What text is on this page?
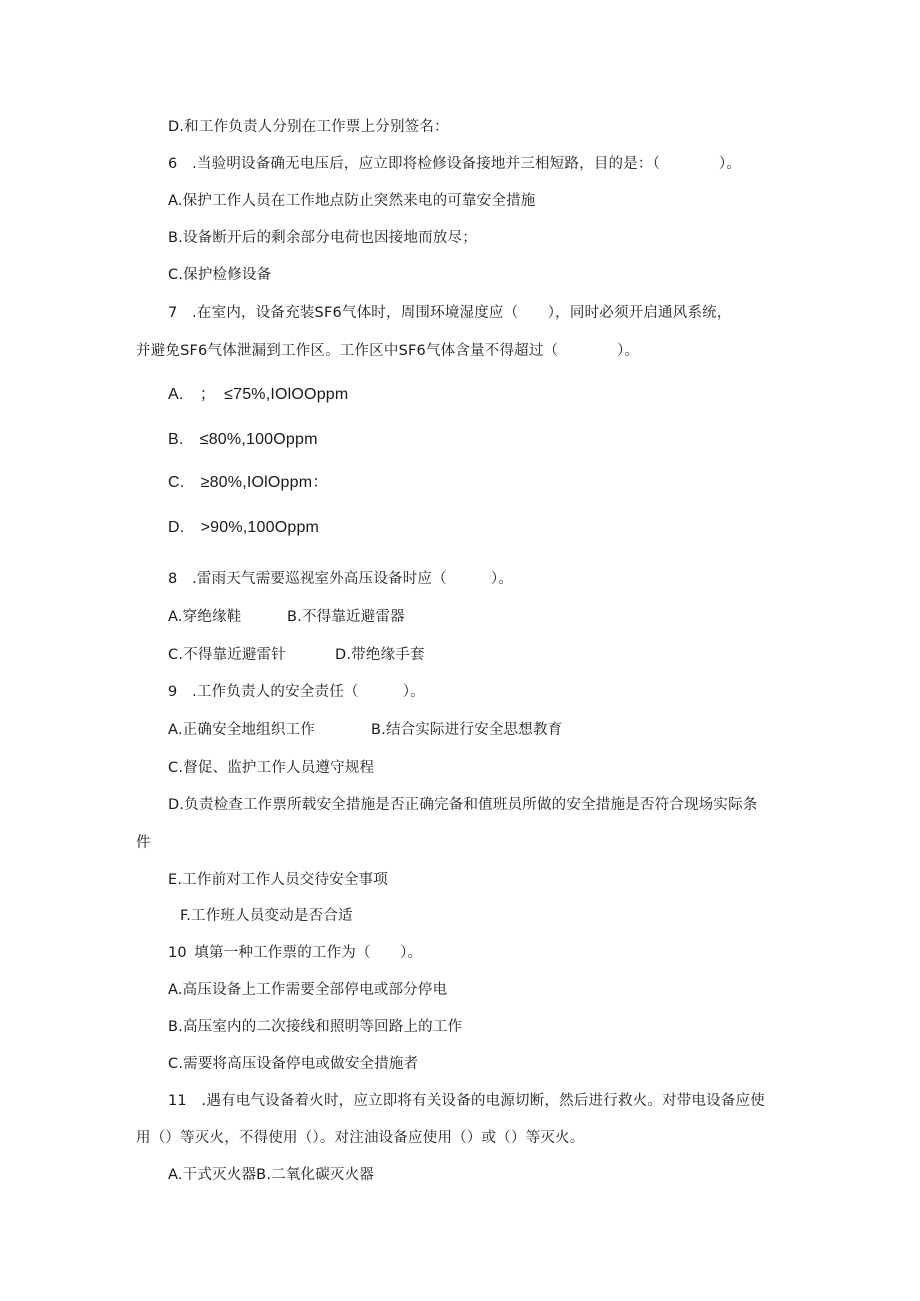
D.和工作负责人分别在工作票上分别签名：
6 .当验明设备确无电压后，应立即将检修设备接地并三相短路，目的是：（    ）。
A.保护工作人员在工作地点防止突然来电的可靠安全措施
B.设备断开后的剩余部分电荷也因接地而放尽；
C.保护检修设备
7 .在室内，设备充装SF6气体时，周围环境湿度应（  ），同时必须开启通风系统，
并避免SF6气体泄漏到工作区。工作区中SF6气体含量不得超过（    ）。
A. ； ≤75%,IOlOOppm
B. ≤80%,100Oppm
C. ≥80%,IOlOppm：
D. >90%,100Oppm
8 .雷雨天气需要巡视室外高压设备时应（   ）。
A.穿绝缘鞋	B.不得靠近避雷器
C.不得靠近避雷针	D.带绝缘手套
9 .工作负责人的安全责任（   ）。
A.正确安全地组织工作	B.结合实际进行安全思想教育
C.督促、监护工作人员遵守规程
D.负责检查工作票所载安全措施是否正确完备和值班员所做的安全措施是否符合现场实际条
件
E.工作前对工作人员交待安全事项
F.工作班人员变动是否合适
10 填第一种工作票的工作为（  ）。
A.高压设备上工作需要全部停电或部分停电
B.高压室内的二次接线和照明等回路上的工作
C.需要将高压设备停电或做安全措施者
11 .遇有电气设备着火时，应立即将有关设备的电源切断，然后进行救火。对带电设备应使
用（）等灭火，不得使用（）。对注油设备应使用（）或（）等灭火。
A.干式灭火器B.二氧化碳灭火器
